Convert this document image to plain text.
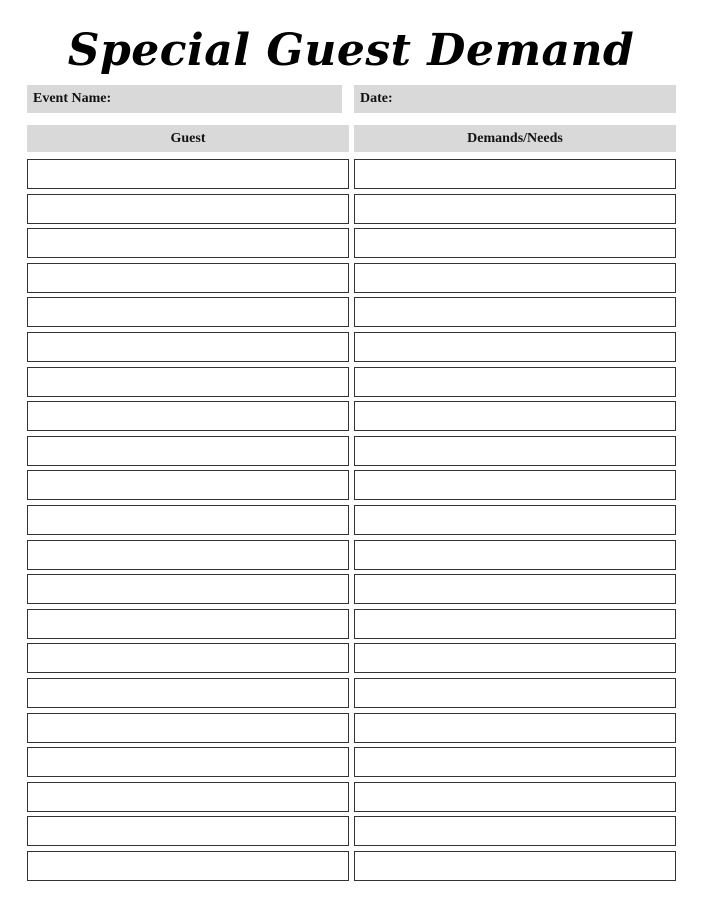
Special Guest Demand
Event Name:	Date:
Guest	Demands/Needs
